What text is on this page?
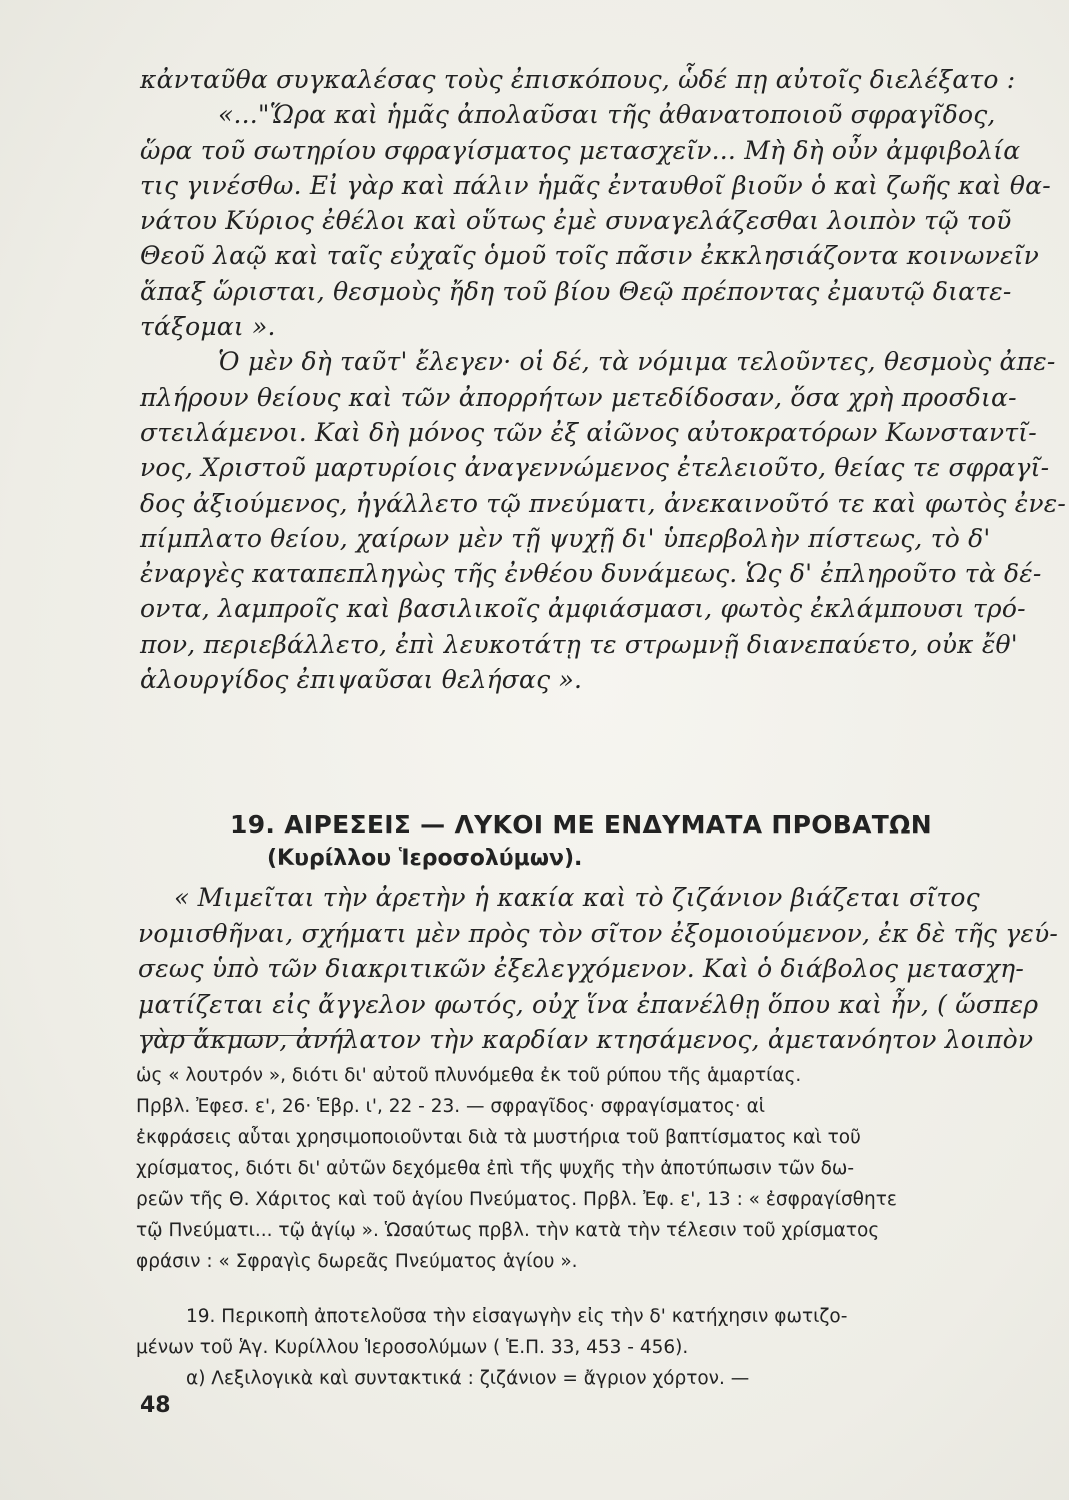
κἀνταῦθα συγκαλέσας τοὺς ἐπισκόπους, ὧδέ πῃ αὐτοῖς διελέξατο :
«..."Ὥρα καὶ ἡμᾶς ἀπολαῦσαι τῆς ἀθανατοποιοῦ σφραγῖδος,
ὥρα τοῦ σωτηρίου σφραγίσματος μετασχεῖν... Μὴ δὴ οὖν ἀμφιβολία
τις γινέσθω. Εἰ γὰρ καὶ πάλιν ἡμᾶς ἐνταυθοῖ βιοῦν ὁ καὶ ζωῆς καὶ θα-
νάτου Κύριος ἐθέλοι καὶ οὕτως ἐμὲ συναγελάζεσθαι λοιπὸν τῷ τοῦ
Θεοῦ λαῷ καὶ ταῖς εὐχαῖς ὁμοῦ τοῖς πᾶσιν ἐκκλησιάζοντα κοινωνεῖν
ἅπαξ ὥρισται, θεσμοὺς ἤδη τοῦ βίου Θεῷ πρέποντας ἐμαυτῷ διατε-
τάξομαι ».
Ὁ μὲν δὴ ταῦτ' ἔλεγεν· οἱ δέ, τὰ νόμιμα τελοῦντες, θεσμοὺς ἀπε-
πλήρουν θείους καὶ τῶν ἀπορρήτων μετεδίδοσαν, ὅσα χρὴ προσδια-
στειλάμενοι. Καὶ δὴ μόνος τῶν ἐξ αἰῶνος αὐτοκρατόρων Κωνσταντῖ-
νος, Χριστοῦ μαρτυρίοις ἀναγεννώμενος ἐτελειοῦτο, θείας τε σφραγῖ-
δος ἀξιούμενος, ἠγάλλετο τῷ πνεύματι, ἀνεκαινοῦτό τε καὶ φωτὸς ἐνε-
πίμπλατο θείου, χαίρων μὲν τῇ ψυχῇ δι' ὑπερβολὴν πίστεως, τὸ δ'
ἐναργὲς καταπεπληγὼς τῆς ἐνθέου δυνάμεως. Ὡς δ' ἐπληροῦτο τὰ δέ-
οντα, λαμπροῖς καὶ βασιλικοῖς ἀμφιάσμασι, φωτὸς ἐκλάμπουσι τρό-
πον, περιεβάλλετο, ἐπὶ λευκοτάτῃ τε στρωμνῇ διανεπαύετο, οὐκ ἔθ'
ἁλουργίδος ἐπιψαῦσαι θελήσας ».
19. ΑΙΡΕΣΕΙΣ — ΛΥΚΟΙ ΜΕ ΕΝΔΥΜΑΤΑ ΠΡΟΒΑΤΩΝ
(Κυρίλλου Ἱεροσολύμων).
« Μιμεῖται τὴν ἀρετὴν ἡ κακία καὶ τὸ ζιζάνιον βιάζεται σῖτος
νομισθῆναι, σχήματι μὲν πρὸς τὸν σῖτον ἐξομοιούμενον, ἐκ δὲ τῆς γεύ-
σεως ὑπὸ τῶν διακριτικῶν ἐξελεγχόμενον. Καὶ ὁ διάβολος μετασχη-
ματίζεται εἰς ἄγγελον φωτός, οὐχ ἵνα ἐπανέλθῃ ὅπου καὶ ἦν, ( ὥσπερ
γὰρ ἄκμων, ἀνήλατον τὴν καρδίαν κτησάμενος, ἀμετανόητον λοιπὸν
ὡς « λουτρόν », διότι δι' αὐτοῦ πλυνόμεθα ἐκ τοῦ ρύπου τῆς ἁμαρτίας.
Πρβλ. Ἐφεσ. ε', 26· Ἑβρ. ι', 22 - 23. — σφραγῖδος· σφραγίσματος· αἱ
ἐκφράσεις αὗται χρησιμοποιοῦνται διὰ τὰ μυστήρια τοῦ βαπτίσματος καὶ τοῦ
χρίσματος, διότι δι' αὐτῶν δεχόμεθα ἐπὶ τῆς ψυχῆς τὴν ἀποτύπωσιν τῶν δω-
ρεῶν τῆς Θ. Χάριτος καὶ τοῦ ἁγίου Πνεύματος. Πρβλ. Ἐφ. ε', 13 : « ἐσφραγίσθητε
τῷ Πνεύματι... τῷ ἁγίῳ ». Ὡσαύτως πρβλ. τὴν κατὰ τὴν τέλεσιν τοῦ χρίσματος
φράσιν : « Σφραγὶς δωρεᾶς Πνεύματος ἁγίου ».
19. Περικοπὴ ἀποτελοῦσα τὴν εἰσαγωγὴν εἰς τὴν δ' κατήχησιν φωτιζο-
μένων τοῦ Ἁγ. Κυρίλλου Ἱεροσολύμων ( Ἑ.Π. 33, 453 - 456).
α) Λεξιλογικὰ καὶ συντακτικά : ζιζάνιον = ἄγριον χόρτον. —
48
